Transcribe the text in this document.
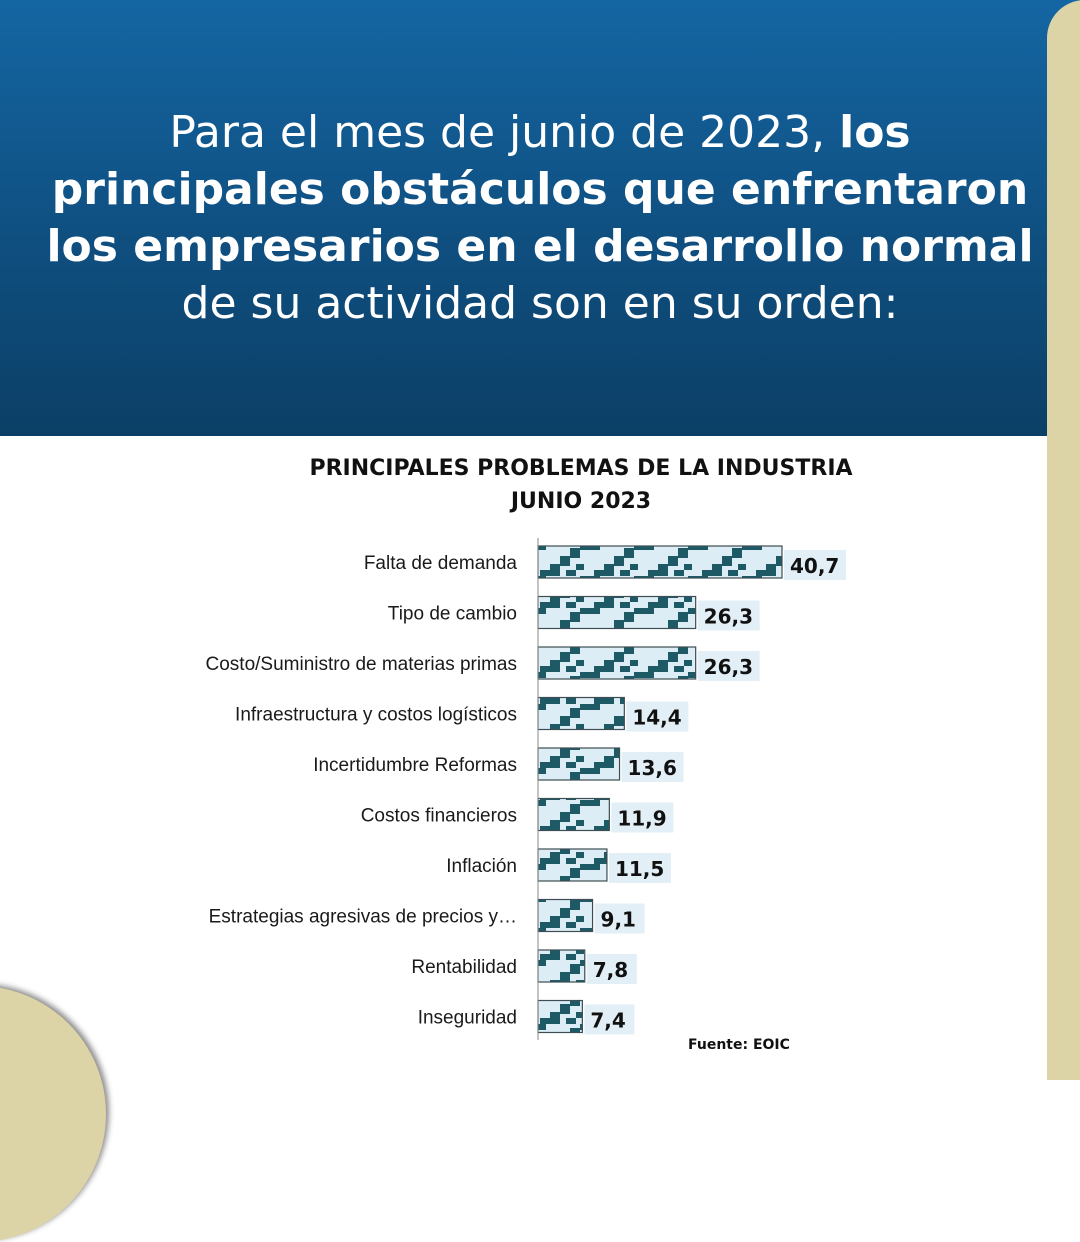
Para el mes de junio de 2023, los principales obstáculos que enfrentaron los empresarios en el desarrollo normal de su actividad son en su orden:
PRINCIPALES PROBLEMAS DE LA INDUSTRIA
JUNIO 2023
Falta de demanda	40,7
Tipo de cambio	26,3
Costo/Suministro de materias primas	26,3
Infraestructura y costos logísticos	14,4
Incertidumbre Reformas	13,6
Costos financieros	11,9
Inflación	11,5
Estrategias agresivas de precios y…	9,1
Rentabilidad	7,8
Inseguridad	7,4
Fuente: EOIC
